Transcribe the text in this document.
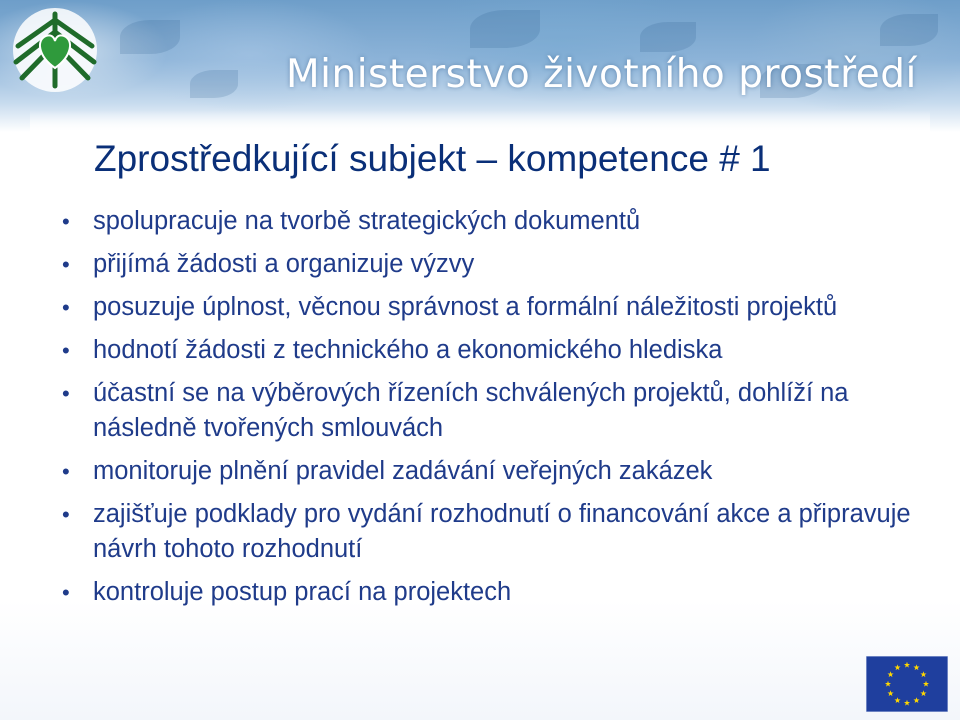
Ministerstvo životního prostředí
Zprostředkující subjekt – kompetence # 1
• spolupracuje na tvorbě strategických dokumentů
• přijímá žádosti a organizuje výzvy
• posuzuje úplnost, věcnou správnost a formální náležitosti projektů
• hodnotí žádosti z technického a ekonomického hlediska
• účastní se na výběrových řízeních schválených projektů, dohlíží na následně tvořených smlouvách
• monitoruje plnění pravidel zadávání veřejných zakázek
• zajišťuje podklady pro vydání rozhodnutí o financování akce a připravuje návrh tohoto rozhodnutí
• kontroluje postup prací na projektech
